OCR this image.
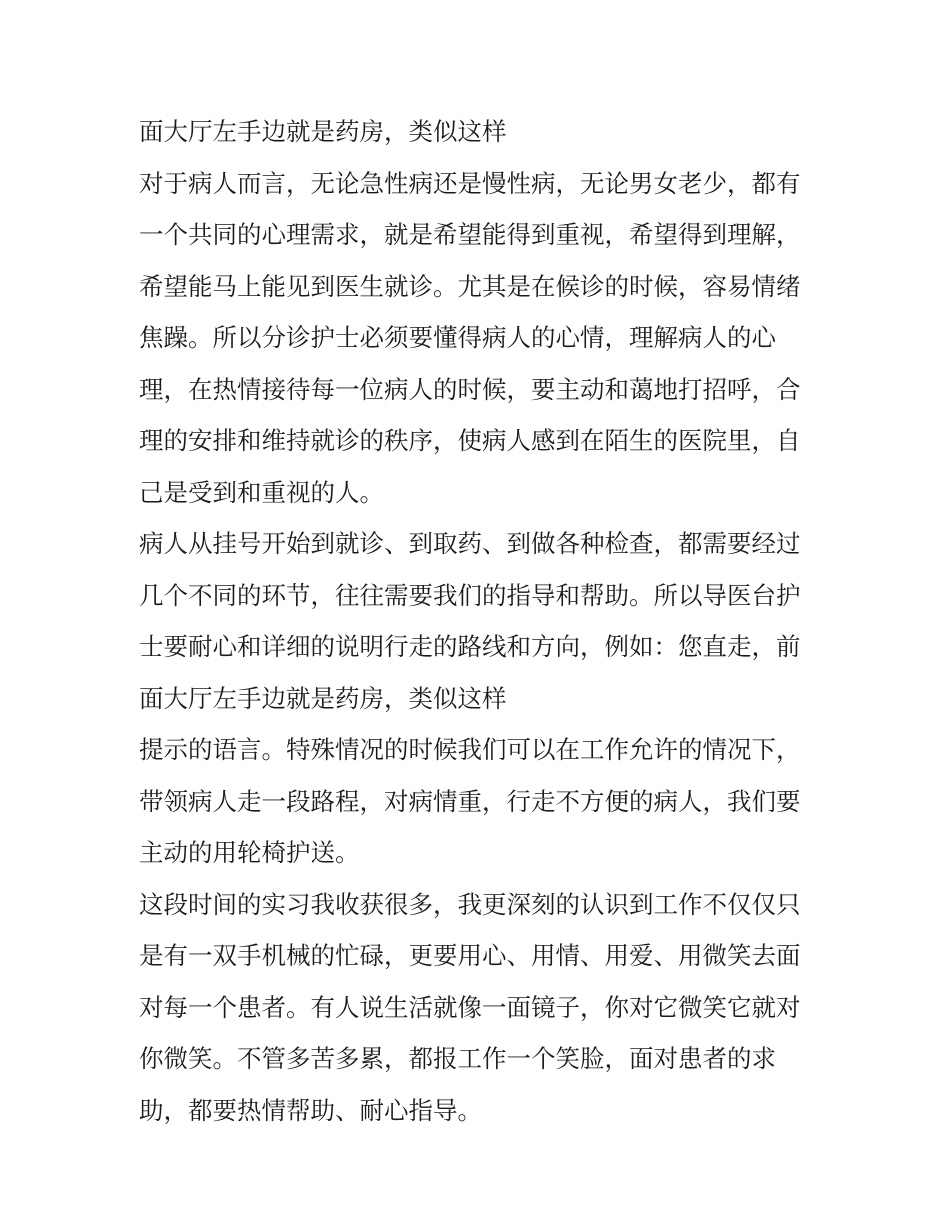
面大厅左手边就是药房，类似这样
对于病人而言，无论急性病还是慢性病，无论男女老少，都有
一个共同的心理需求，就是希望能得到重视，希望得到理解，
希望能马上能见到医生就诊。尤其是在候诊的时候，容易情绪
焦躁。所以分诊护士必须要懂得病人的心情，理解病人的心
理，在热情接待每一位病人的时候，要主动和蔼地打招呼，合
理的安排和维持就诊的秩序，使病人感到在陌生的医院里，自
己是受到和重视的人。
病人从挂号开始到就诊、到取药、到做各种检查，都需要经过
几个不同的环节，往往需要我们的指导和帮助。所以导医台护
士要耐心和详细的说明行走的路线和方向，例如：您直走，前
面大厅左手边就是药房，类似这样
提示的语言。特殊情况的时候我们可以在工作允许的情况下，
带领病人走一段路程，对病情重，行走不方便的病人，我们要
主动的用轮椅护送。
这段时间的实习我收获很多，我更深刻的认识到工作不仅仅只
是有一双手机械的忙碌，更要用心、用情、用爱、用微笑去面
对每一个患者。有人说生活就像一面镜子，你对它微笑它就对
你微笑。不管多苦多累，都报工作一个笑脸，面对患者的求
助，都要热情帮助、耐心指导。
